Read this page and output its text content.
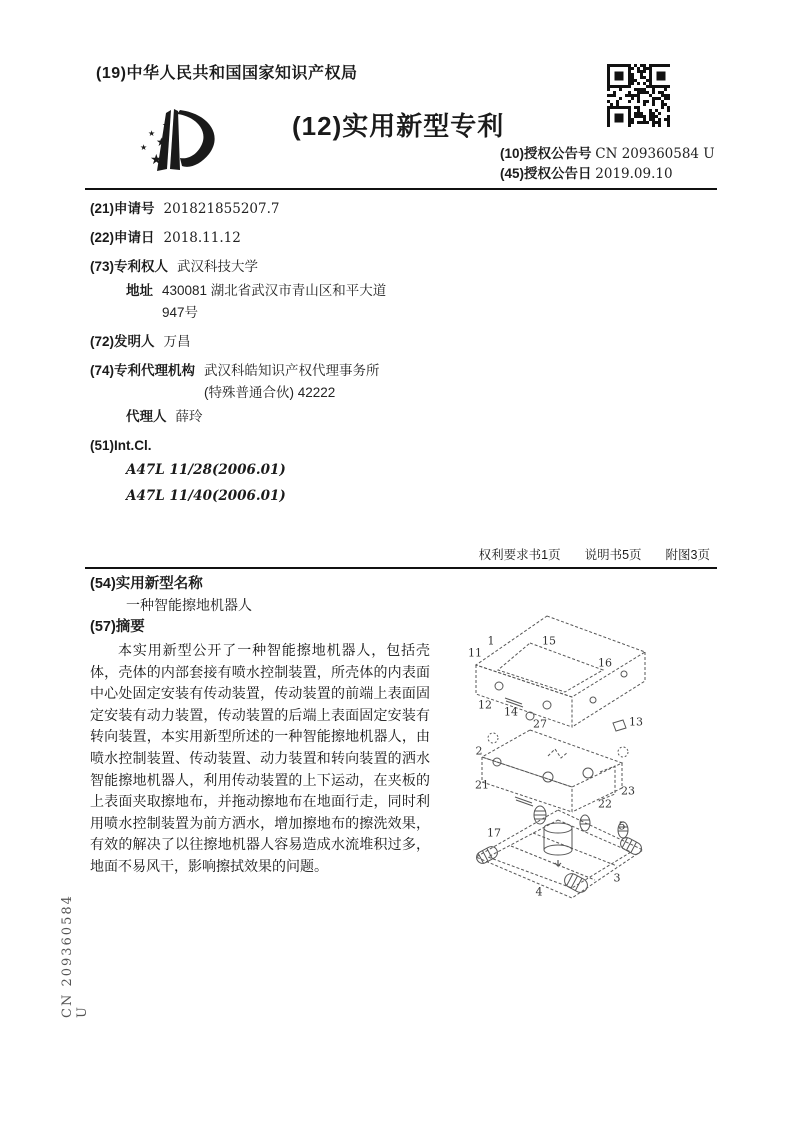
(19)中华人民共和国国家知识产权局
★
★
★
★
★
(12)实用新型专利
(10)授权公告号 CN 209360584 U
(45)授权公告日 2019.09.10
(21)申请号 201821855207.7
(22)申请日 2018.11.12
(73)专利权人 武汉科技大学
地址 430081 湖北省武汉市青山区和平大道947号
(72)发明人 万昌
(74)专利代理机构 武汉科皓知识产权代理事务所(特殊普通合伙) 42222
代理人 薛玲
(51)Int.Cl.
A47L 11/28(2006.01)
A47L 11/40(2006.01)
权利要求书1页 说明书5页 附图3页
(54)实用新型名称
一种智能擦地机器人
(57)摘要

本实用新型公开了一种智能擦地机器人，包括壳体，壳体的内部套接有喷水控制装置，所壳体的内表面中心处固定安装有传动装置，传动装置的前端上表面固定安装有动力装置，传动装置的后端上表面固定安装有转向装置，本实用新型所述的一种智能擦地机器人，由喷水控制装置、传动装置、动力装置和转向装置的洒水智能擦地机器人，利用传动装置的上下运动，在夹板的上表面夹取擦地布，并拖动擦地布在地面行走，同时利用喷水控制装置为前方洒水，增加擦地布的擦洗效果，有效的解决了以往擦地机器人容易造成水流堆积过多，地面不易风干，影响擦拭效果的问题。

1
11
15
16
12
14
27	13
2
21	23
22
17
5
3
4
CN 209360584 U
